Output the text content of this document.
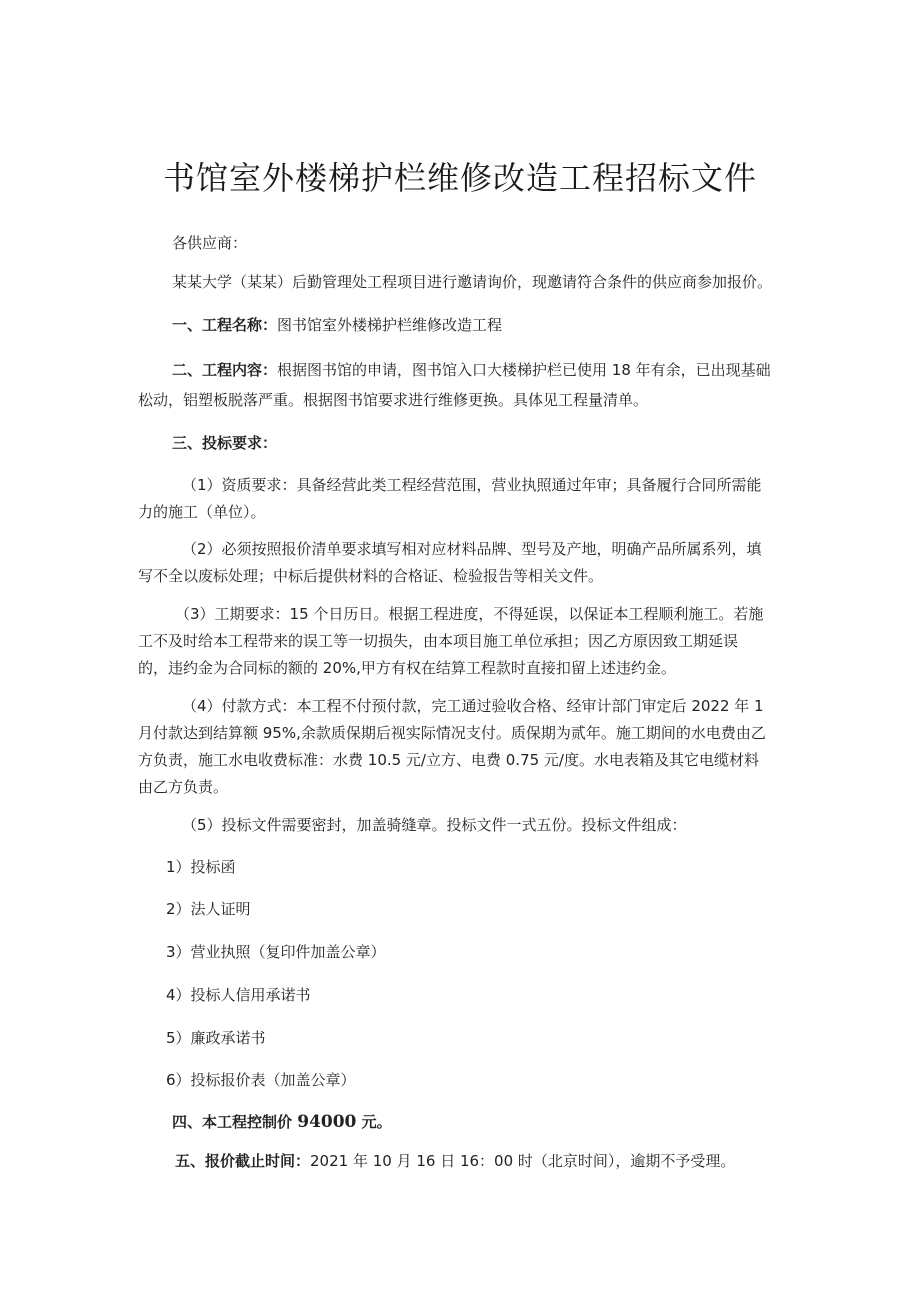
书馆室外楼梯护栏维修改造工程招标文件
各供应商：
某某大学（某某）后勤管理处工程项目进行邀请询价，现邀请符合条件的供应商参加报价。
一、工程名称：图书馆室外楼梯护栏维修改造工程
二、工程内容：根据图书馆的申请，图书馆入口大楼梯护栏已使用 18 年有余，已出现基础
松动，铝塑板脱落严重。根据图书馆要求进行维修更换。具体见工程量清单。
三、投标要求：
（1）资质要求：具备经营此类工程经营范围，营业执照通过年审；具备履行合同所需能
力的施工（单位）。
（2）必须按照报价清单要求填写相对应材料品牌、型号及产地，明确产品所属系列，填
写不全以废标处理；中标后提供材料的合格证、检验报告等相关文件。
（3）工期要求：15 个日历日。根据工程进度，不得延误，以保证本工程顺利施工。若施
工不及时给本工程带来的误工等一切损失，由本项目施工单位承担；因乙方原因致工期延误
的，违约金为合同标的额的 20%,甲方有权在结算工程款时直接扣留上述违约金。
（4）付款方式：本工程不付预付款，完工通过验收合格、经审计部门审定后 2022 年 1
月付款达到结算额 95%,余款质保期后视实际情况支付。质保期为贰年。施工期间的水电费由乙
方负责，施工水电收费标准：水费 10.5 元/立方、电费 0.75 元/度。水电表箱及其它电缆材料
由乙方负责。
（5）投标文件需要密封，加盖骑缝章。投标文件一式五份。投标文件组成：
1）投标函
2）法人证明
3）营业执照（复印件加盖公章）
4）投标人信用承诺书
5）廉政承诺书
6）投标报价表（加盖公章）
四、本工程控制价 94000 元。
五、报价截止时间：2021 年 10 月 16 日 16：00 时（北京时间），逾期不予受理。
